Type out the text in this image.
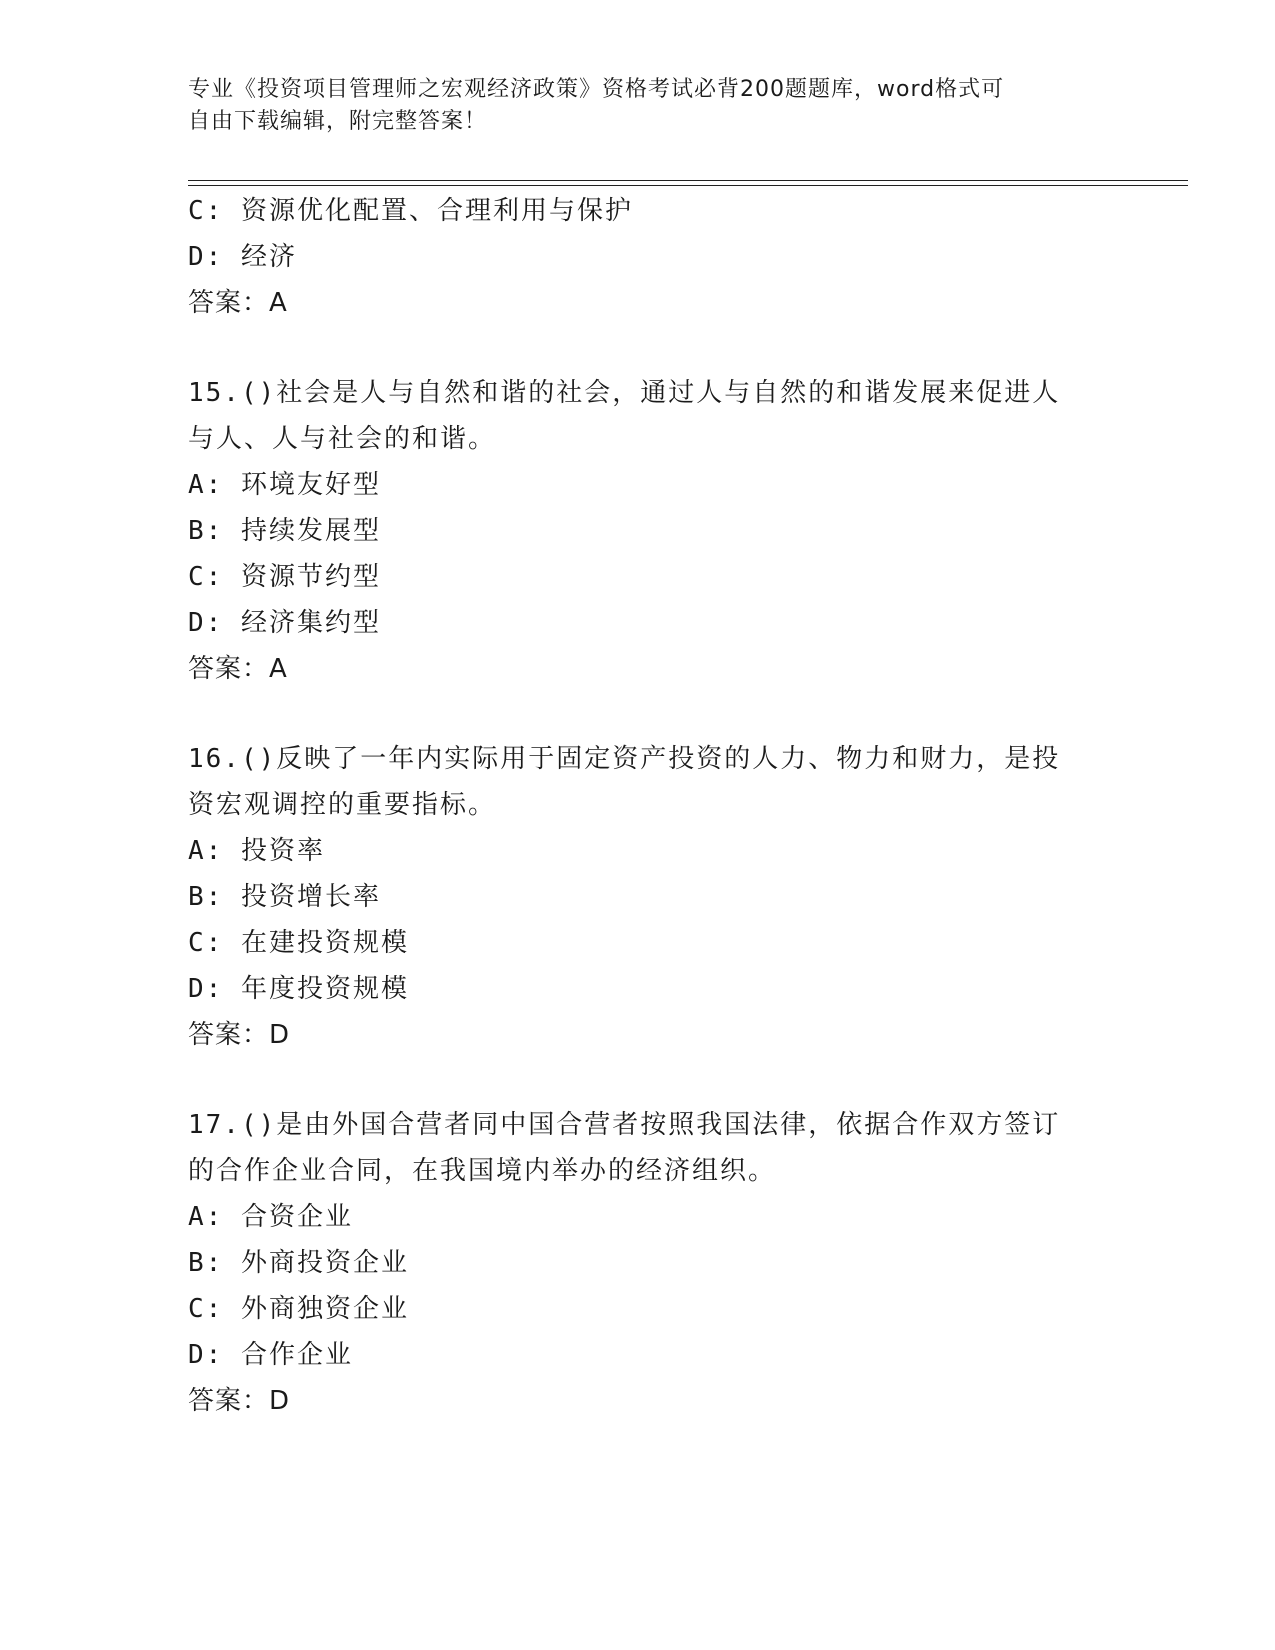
专业《投资项目管理师之宏观经济政策》资格考试必背200题题库，word格式可
自由下载编辑，附完整答案！
C: 资源优化配置、合理利用与保护
D: 经济
答案：A
15.()社会是人与自然和谐的社会，通过人与自然的和谐发展来促进人
与人、人与社会的和谐。
A: 环境友好型
B: 持续发展型
C: 资源节约型
D: 经济集约型
答案：A
16.()反映了一年内实际用于固定资产投资的人力、物力和财力，是投
资宏观调控的重要指标。
A: 投资率
B: 投资增长率
C: 在建投资规模
D: 年度投资规模
答案：D
17.()是由外国合营者同中国合营者按照我国法律，依据合作双方签订
的合作企业合同，在我国境内举办的经济组织。
A: 合资企业
B: 外商投资企业
C: 外商独资企业
D: 合作企业
答案：D
